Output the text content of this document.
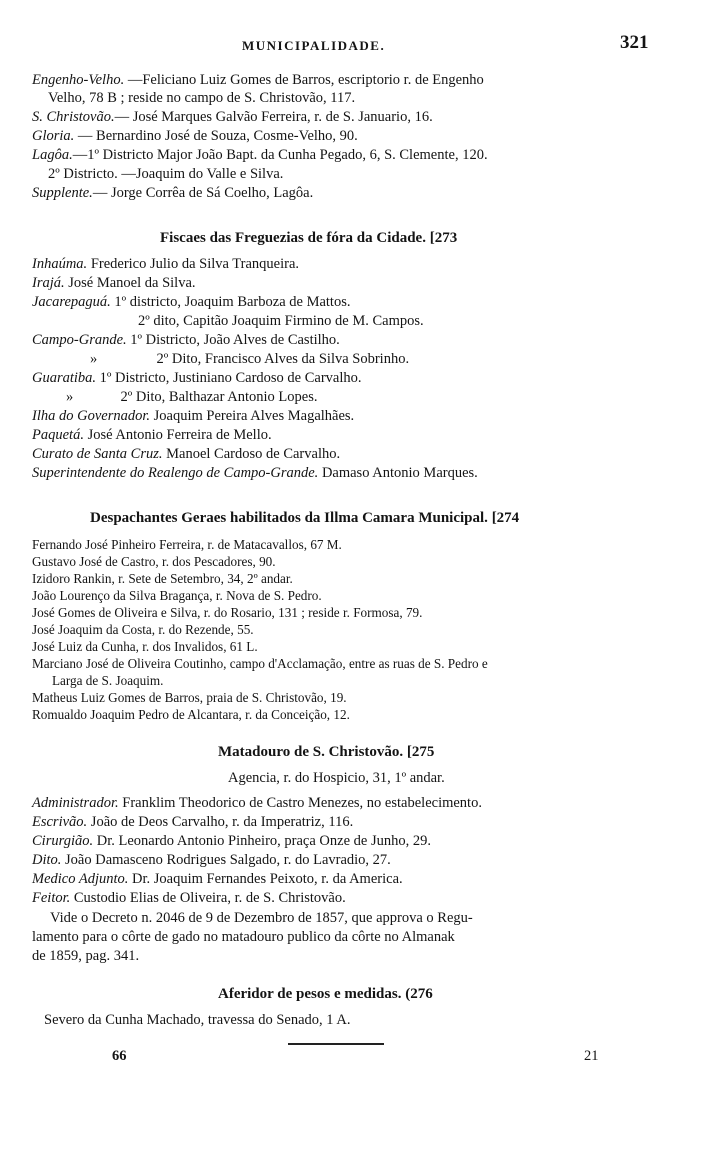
MUNICIPALIDADE.	321
Engenho-Velho. —Feliciano Luiz Gomes de Barros, escriptorio r. de Engenho
Velho, 78 B ; reside no campo de S. Christovão, 117.
S. Christovão.— José Marques Galvão Ferreira, r. de S. Januario, 16.
Gloria. — Bernardino José de Souza, Cosme-Velho, 90.
Lagôa.—1º Districto Major João Bapt. da Cunha Pegado, 6, S. Clemente, 120.
2º Districto. —Joaquim do Valle e Silva.
Supplente.— Jorge Corrêa de Sá Coelho, Lagôa.
Fiscaes das Freguezias de fóra da Cidade. [273
Inhaúma. Frederico Julio da Silva Tranqueira.
Irajá. José Manoel da Silva.
Jacarepaguá. 1º districto, Joaquim Barboza de Mattos.
2º dito, Capitão Joaquim Firmino de M. Campos.
Campo-Grande. 1º Districto, João Alves de Castilho.
»	2º Dito, Francisco Alves da Silva Sobrinho.
Guaratiba. 1º Districto, Justiniano Cardoso de Carvalho.
»	2º Dito, Balthazar Antonio Lopes.
Ilha do Governador. Joaquim Pereira Alves Magalhães.
Paquetá. José Antonio Ferreira de Mello.
Curato de Santa Cruz. Manoel Cardoso de Carvalho.
Superintendente do Realengo de Campo-Grande. Damaso Antonio Marques.
Despachantes Geraes habilitados da Illma Camara Municipal. [274
Fernando José Pinheiro Ferreira, r. de Matacavallos, 67 M.
Gustavo José de Castro, r. dos Pescadores, 90.
Izidoro Rankin, r. Sete de Setembro, 34, 2º andar.
João Lourenço da Silva Bragança, r. Nova de S. Pedro.
José Gomes de Oliveira e Silva, r. do Rosario, 131 ; reside r. Formosa, 79.
José Joaquim da Costa, r. do Rezende, 55.
José Luiz da Cunha, r. dos Invalidos, 61 L.
Marciano José de Oliveira Coutinho, campo d'Acclamação, entre as ruas de S. Pedro e
Larga de S. Joaquim.
Matheus Luiz Gomes de Barros, praia de S. Christovão, 19.
Romualdo Joaquim Pedro de Alcantara, r. da Conceição, 12.
Matadouro de S. Christovão. [275
Agencia, r. do Hospicio, 31, 1º andar.
Administrador. Franklim Theodorico de Castro Menezes, no estabelecimento.
Escrivão. João de Deos Carvalho, r. da Imperatriz, 116.
Cirurgião. Dr. Leonardo Antonio Pinheiro, praça Onze de Junho, 29.
Dito. João Damasceno Rodrigues Salgado, r. do Lavradio, 27.
Medico Adjunto. Dr. Joaquim Fernandes Peixoto, r. da America.
Feitor. Custodio Elias de Oliveira, r. de S. Christovão.
Vide o Decreto n. 2046 de 9 de Dezembro de 1857, que approva o Regu-
lamento para o côrte de gado no matadouro publico da côrte no Almanak
de 1859, pag. 341.
Aferidor de pesos e medidas. (276
Severo da Cunha Machado, travessa do Senado, 1 A.
66	21
